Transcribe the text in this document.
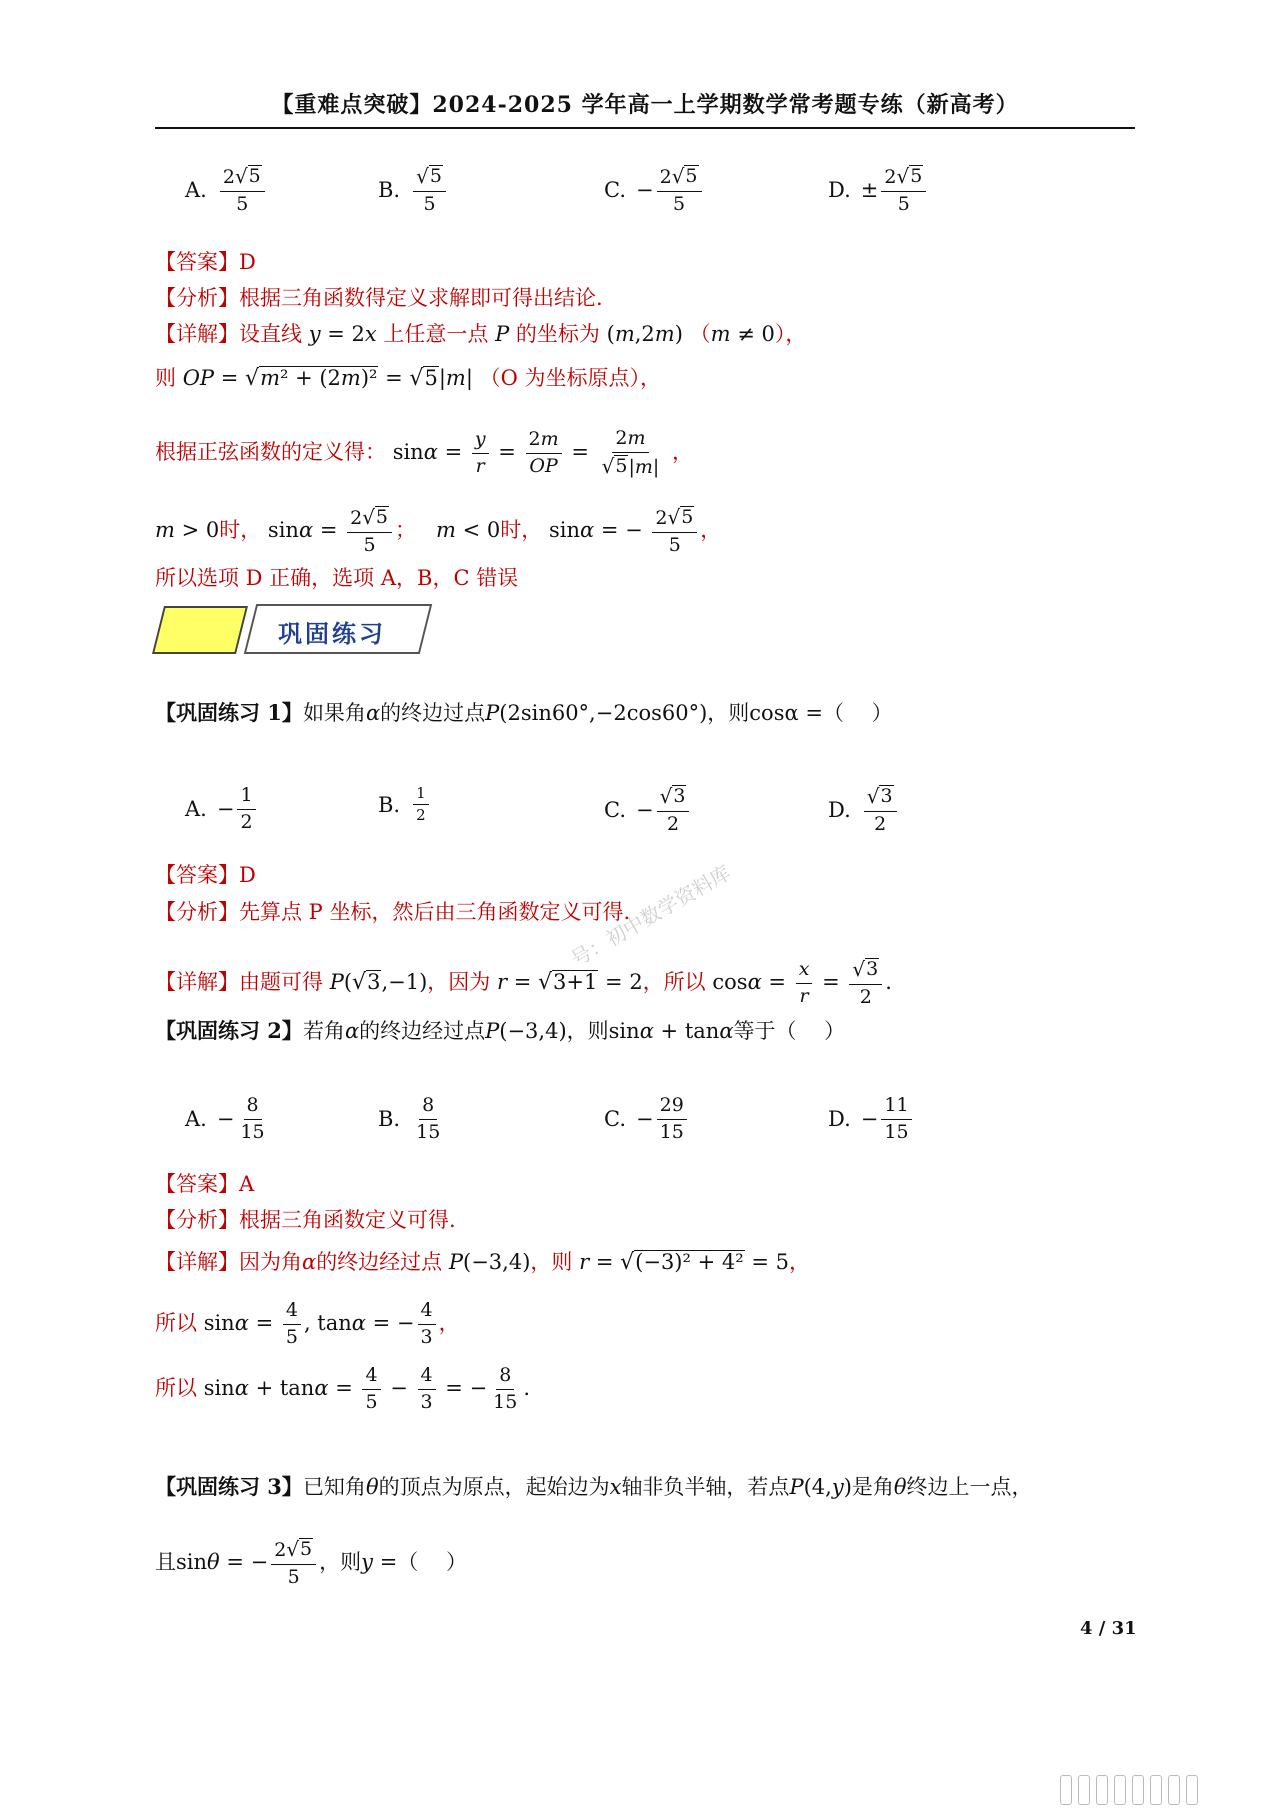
【重难点突破】2024-2025 学年高一上学期数学常考题专练（新高考）
A. $\frac{2 √ 5}{5}$	B. $\frac{√ 5}{5}$	C. − $\frac{2 √ 5}{5}$	D. ± $\frac{2 √ 5}{5}$
【答案】D
【分析】根据三角函数得定义求解即可得出结论.
【详解】设直线 y = 2x 上任意一点 P 的坐标为 (m,2m) （m ≠ 0），
则 OP = √ m² + (2m)² = √ 5 |m| （O 为坐标原点），
根据正弦函数的定义得： $\sin\alpha = \frac{y}{r} = \frac{2m}{OP} = \frac{2m}{√ 5 |m|}$ ，
m > 0时， $\sin\alpha = \frac{2 √ 5}{5}$ ； m < 0时， sinα = − $\frac{2 √ 5}{5}$ ，
所以选项 D 正确，选项 A，B，C 错误
巩固练习
【巩固练习 1】如果角α的终边过点P(2sin60°,−2cos60°)，则cosα =（　 ）
A. − $\frac{1}{2}$	B. $\frac{1}{2}$	C. − $\frac{√ 3}{2}$	D. $\frac{√ 3}{2}$
【答案】D
【分析】先算点 P 坐标，然后由三角函数定义可得.
【详解】由题可得 P( √ 3 ,−1)，因为 r = √ 3+1 = 2，所以 $\cos\alpha = \frac{x}{r} = \frac{√ 3}{2}$ .
【巩固练习 2】若角α的终边经过点P(−3,4)，则sinα + tanα等于（　 ）
A. − $\frac{8}{15}$	B. $\frac{8}{15}$	C. − $\frac{29}{15}$	D. − $\frac{11}{15}$
【答案】A
【分析】根据三角函数定义可得.
【详解】因为角α的终边经过点 P(−3,4)，则 r = √ (−3)² + 4² = 5，
所以 $\sin\alpha = \frac{4}{5}$ , tanα = − $\frac{4}{3}$ ，
所以 $\sin\alpha + \tan\alpha = \frac{4}{5} - \frac{4}{3}$ = − $\frac{8}{15}$ .
【巩固练习 3】已知角θ的顶点为原点，起始边为x轴非负半轴，若点P(4,y)是角θ终边上一点，
且sinθ = − $\frac{2 √ 5}{5}$ ，则y =（　 ）
号：初中数学资料库
4 / 31
